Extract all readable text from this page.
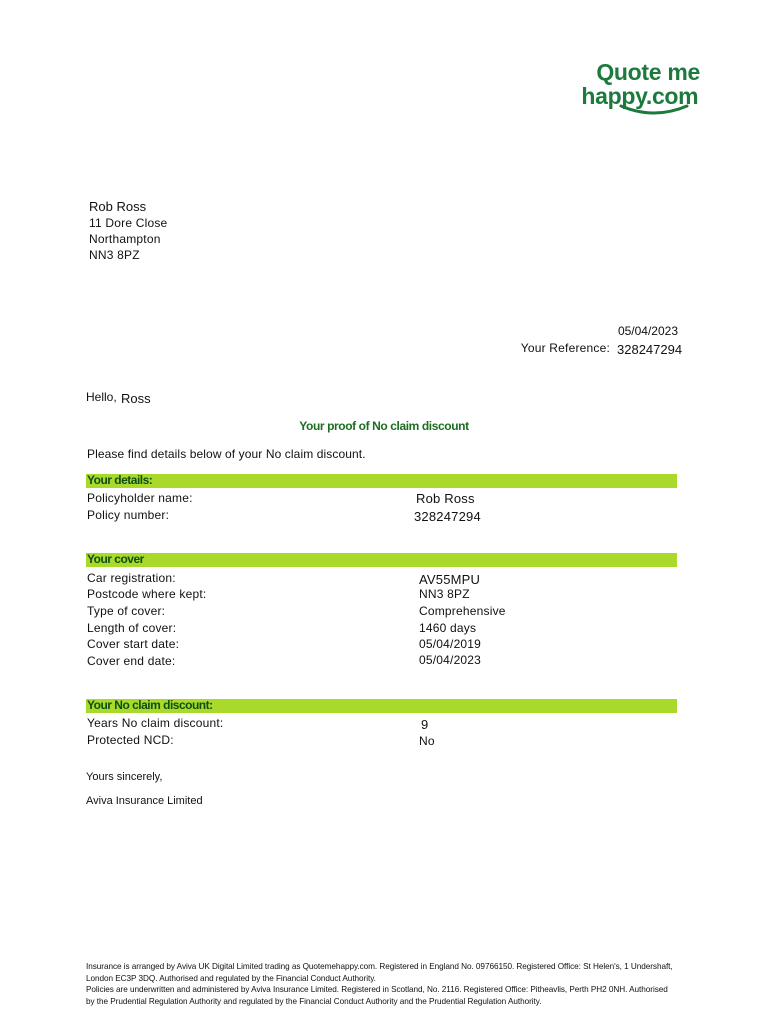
Quote me
happy.com
Rob Ross
11 Dore Close
Northampton
NN3 8PZ
05/04/2023
Your Reference: 328247294
Hello, Ross
Your proof of No claim discount
Please find details below of your No claim discount.
Your details:
Policyholder name:	Rob Ross
Policy number:	328247294
Your cover
Car registration:	AV55MPU
Postcode where kept:	NN3 8PZ
Type of cover:	Comprehensive
Length of cover:	1460 days
Cover start date:	05/04/2019
Cover end date:	05/04/2023
Your No claim discount:
Years No claim discount:	9
Protected NCD:	No
Yours sincerely,
Aviva Insurance Limited

Insurance is arranged by Aviva UK Digital Limited trading as Quotemehappy.com. Registered in England No. 09766150. Registered Office: St Helen's, 1 Undershaft, London EC3P 3DQ. Authorised and regulated by the Financial Conduct Authority.

Policies are underwritten and administered by Aviva Insurance Limited. Registered in Scotland, No. 2116. Registered Office: Pitheavlis, Perth PH2 0NH. Authorised by the Prudential Regulation Authority and regulated by the Financial Conduct Authority and the Prudential Regulation Authority.
